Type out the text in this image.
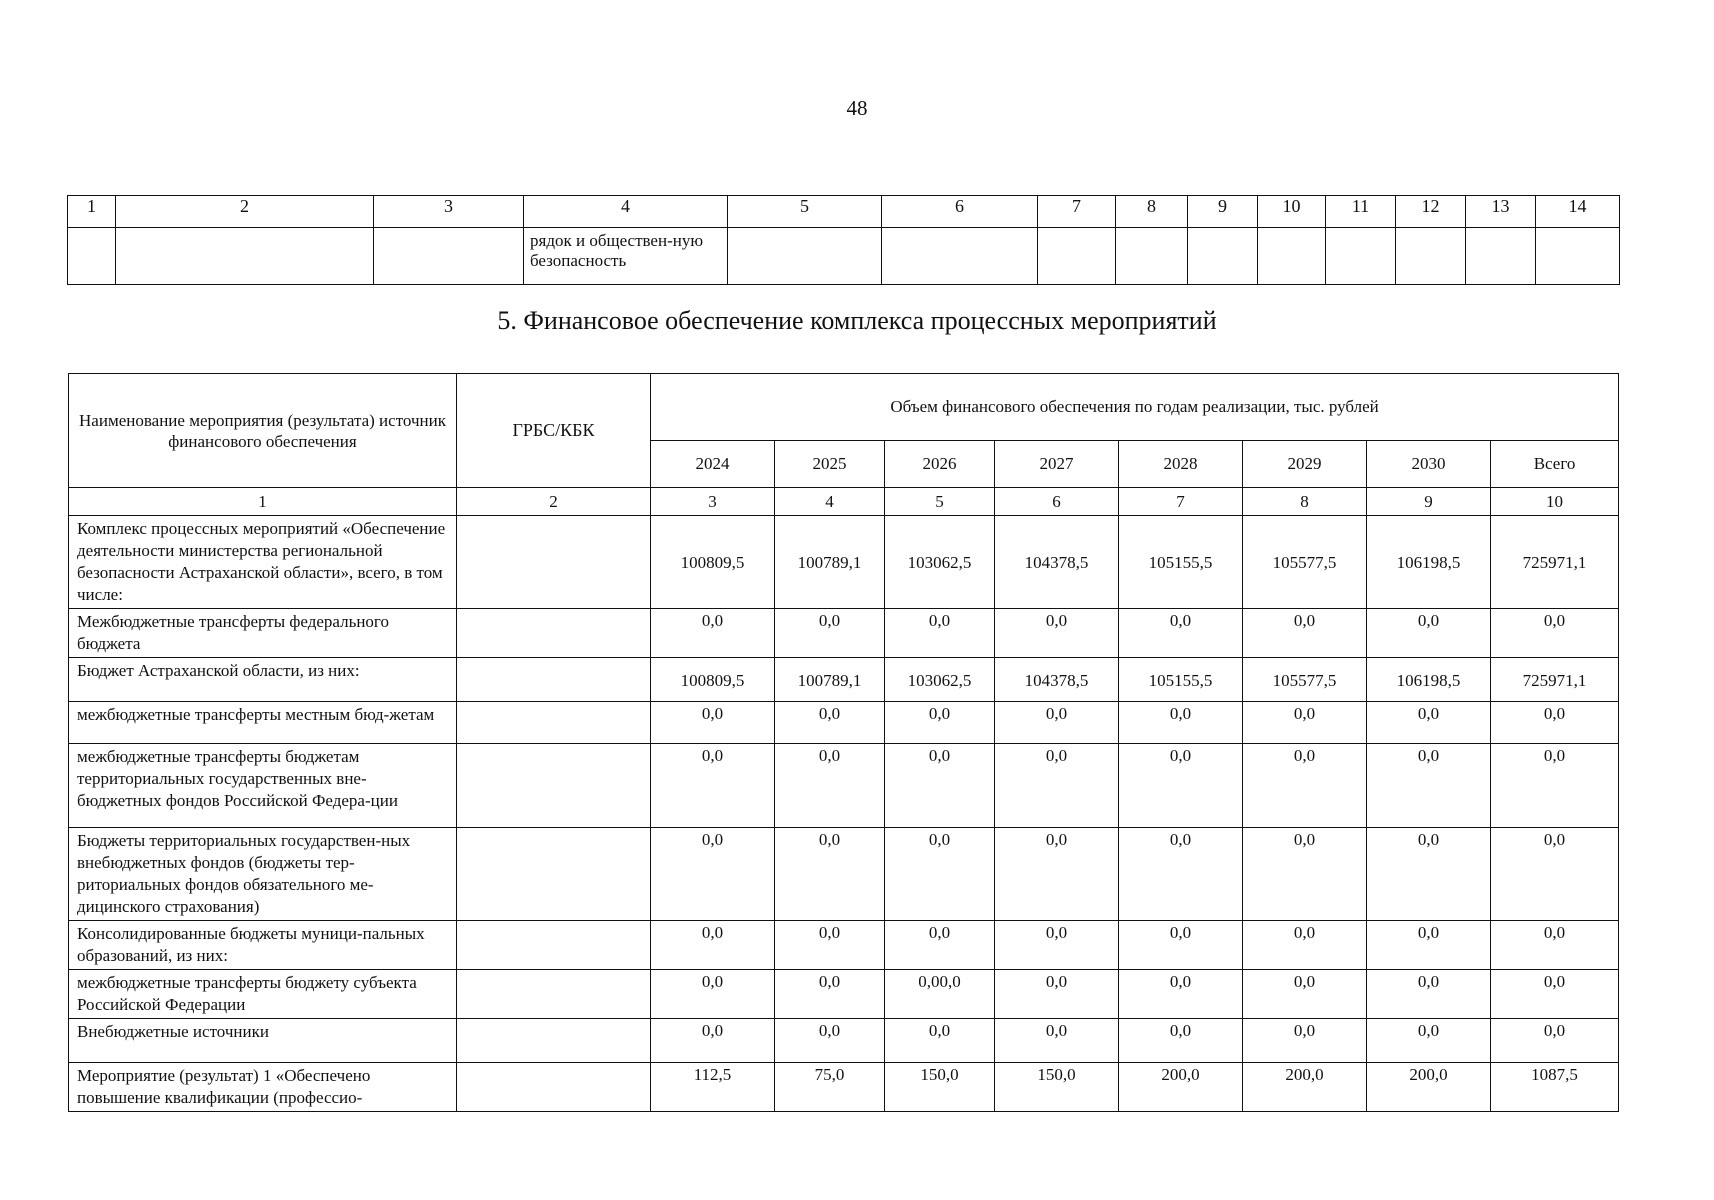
48
1	2	3	4	5	6	7	8	9	10	11	12	13	14
			рядок и обществен-ную безопасность										
5. Финансовое обеспечение комплекса процессных мероприятий
Наименование мероприятия (результата) источник финансового обеспечения	ГРБС/КБК	Объем финансового обеспечения по годам реализации, тыс. рублей							
		2024	2025	2026	2027	2028	2029	2030	Всего
1	2	3	4	5	6	7	8	9	10
Комплекс процессных мероприятий «Обеспечение деятельности министерства региональной безопасности Астраханской области», всего, в том числе:		100809,5	100789,1	103062,5	104378,5	105155,5	105577,5	106198,5	725971,1
Межбюджетные трансферты федерального бюджета		0,0	0,0	0,0	0,0	0,0	0,0	0,0	0,0
Бюджет Астраханской области, из них:		100809,5	100789,1	103062,5	104378,5	105155,5	105577,5	106198,5	725971,1
межбюджетные трансферты местным бюд-жетам		0,0	0,0	0,0	0,0	0,0	0,0	0,0	0,0
межбюджетные трансферты бюджетам территориальных государственных вне-бюджетных фондов Российской Федера-ции		0,0	0,0	0,0	0,0	0,0	0,0	0,0	0,0
Бюджеты территориальных государствен-ных внебюджетных фондов (бюджеты тер-риториальных фондов обязательного ме-дицинского страхования)		0,0	0,0	0,0	0,0	0,0	0,0	0,0	0,0
Консолидированные бюджеты муници-пальных образований, из них:		0,0	0,0	0,0	0,0	0,0	0,0	0,0	0,0
межбюджетные трансферты бюджету субъекта Российской Федерации		0,0	0,0	0,00,0	0,0	0,0	0,0	0,0	0,0
Внебюджетные источники		0,0	0,0	0,0	0,0	0,0	0,0	0,0	0,0
Мероприятие (результат) 1 «Обеспечено повышение квалификации (профессио-		112,5	75,0	150,0	150,0	200,0	200,0	200,0	1087,5
